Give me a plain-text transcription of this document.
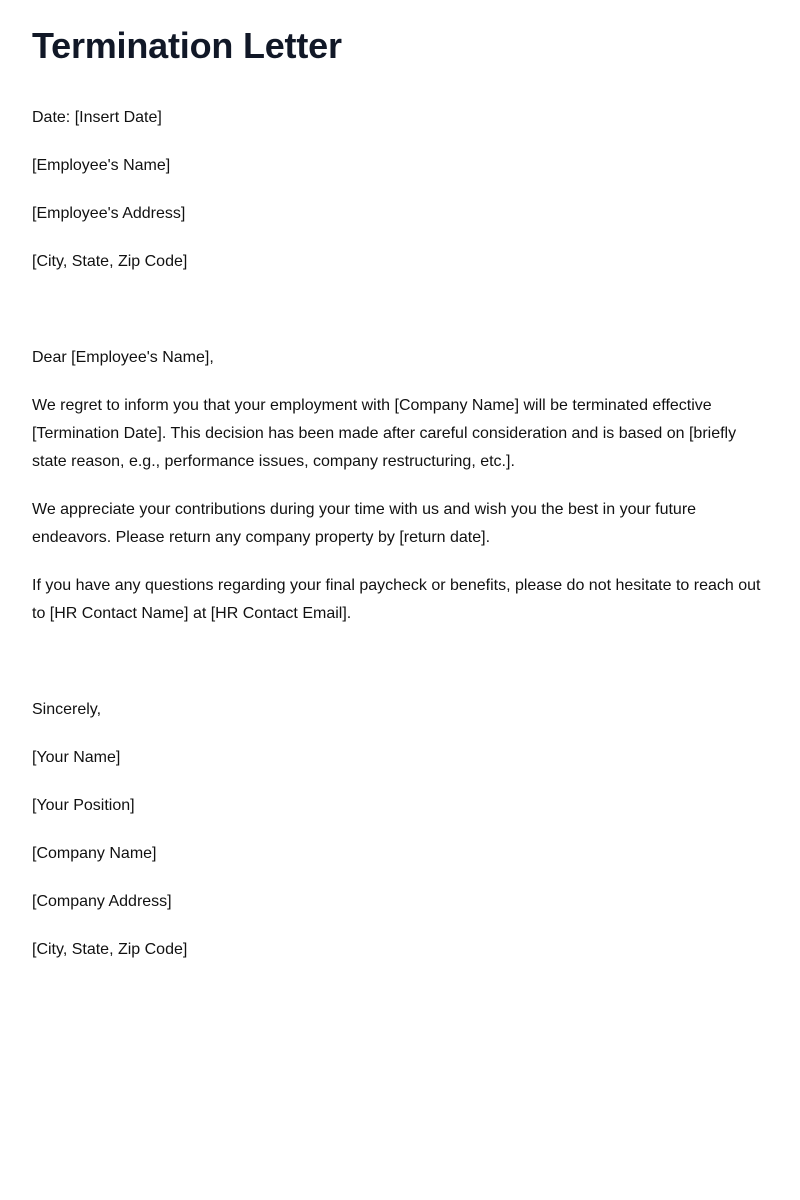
Termination Letter

Date: [Insert Date]

[Employee's Name]

[Employee's Address]

[City, State, Zip Code]

Dear [Employee's Name],

We regret to inform you that your employment with [Company Name] will be terminated effective [Termination Date]. This decision has been made after careful consideration and is based on [briefly state reason, e.g., performance issues, company restructuring, etc.].

We appreciate your contributions during your time with us and wish you the best in your future endeavors. Please return any company property by [return date].

If you have any questions regarding your final paycheck or benefits, please do not hesitate to reach out to [HR Contact Name] at [HR Contact Email].

Sincerely,

[Your Name]

[Your Position]

[Company Name]

[Company Address]

[City, State, Zip Code]
